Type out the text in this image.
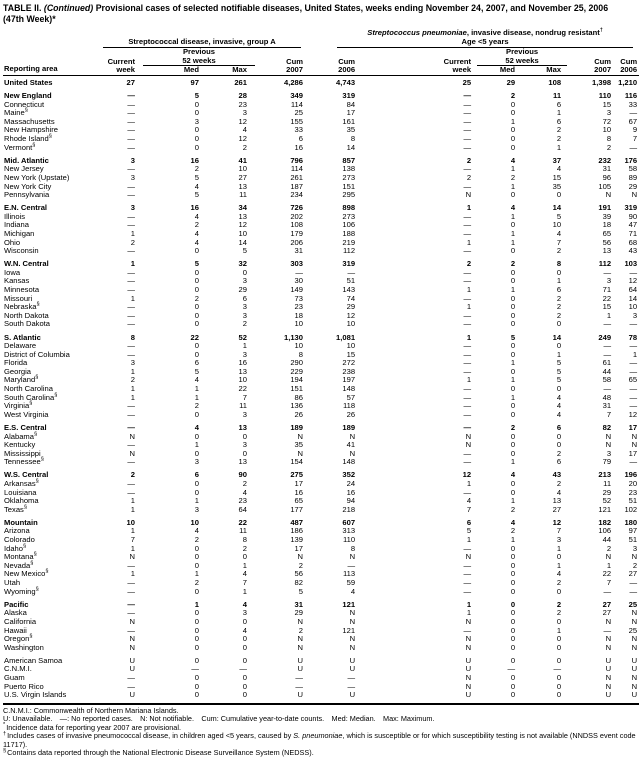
TABLE II. (Continued) Provisional cases of selected notifiable diseases, United States, weeks ending November 24, 2007, and November 25, 2006
(47th Week)*
Reporting area	Streptococcal disease, invasive, group A					Streptococcus pneumoniae, invasive disease, nondrug resistant†
Age <5 years					

Current
week

Previous
52 weeks	Cum
2007

Cum
2006

Current
week

Previous
52 weeks	Cum
2007

Cum
2006

		Med	Max					Med	Max		

United States	27	97	261	4,286	4,743		25	29	108	1,398	1,210
New England	—	5	28	349	319		—	2	11	110	116
Connecticut	—	0	23	114	84		—	0	6	15	33
Maine§	—	0	3	25	17		—	0	1	3	—
Massachusetts	—	3	12	155	161		—	1	6	72	67
New Hampshire	—	0	4	33	35		—	0	2	10	9
Rhode Island§	—	0	12	6	8		—	0	2	8	7
Vermont§	—	0	2	16	14		—	0	1	2	—
Mid. Atlantic	3	16	41	796	857		2	4	37	232	176
New Jersey	—	2	10	114	138		—	1	4	31	58
New York (Upstate)	3	5	27	261	273		2	2	15	96	89
New York City	—	4	13	187	151		—	1	35	105	29
Pennsylvania	—	5	11	234	295		N	0	0	N	N
E.N. Central	3	16	34	726	898		1	4	14	191	319
Illinois	—	4	13	202	273		—	1	5	39	90
Indiana	—	2	12	108	106		—	0	10	18	47
Michigan	1	4	10	179	188		—	1	4	65	71
Ohio	2	4	14	206	219		1	1	7	56	68
Wisconsin	—	0	5	31	112		—	0	2	13	43
W.N. Central	1	5	32	303	319		2	2	8	112	103
Iowa	—	0	0	—	—		—	0	0	—	—
Kansas	—	0	3	30	51		—	0	1	3	12
Minnesota	—	0	29	149	143		1	1	6	71	64
Missouri	1	2	6	73	74		—	0	2	22	14
Nebraska§	—	0	3	23	29		1	0	2	15	10
North Dakota	—	0	3	18	12		—	0	2	1	3
South Dakota	—	0	2	10	10		—	0	0	—	—
S. Atlantic	8	22	52	1,130	1,081		1	5	14	249	78
Delaware	—	0	1	10	10		—	0	0	—	—
District of Columbia	—	0	3	8	15		—	0	1	—	1
Florida	3	6	16	290	272		—	1	5	61	—
Georgia	1	5	13	229	238		—	0	5	44	—
Maryland§	2	4	10	194	197		1	1	5	58	65
North Carolina	1	1	22	151	148		—	0	0	—	—
South Carolina§	1	1	7	86	57		—	1	4	48	—
Virginia§	—	2	11	136	118		—	0	4	31	—
West Virginia	—	0	3	26	26		—	0	4	7	12
E.S. Central	—	4	13	189	189		—	2	6	82	17
Alabama§	N	0	0	N	N		N	0	0	N	N
Kentucky	—	1	3	35	41		N	0	0	N	N
Mississippi	N	0	0	N	N		—	0	2	3	17
Tennessee§	—	3	13	154	148		—	1	6	79	—
W.S. Central	2	6	90	275	352		12	4	43	213	196
Arkansas§	—	0	2	17	24		1	0	2	11	20
Louisiana	—	0	4	16	16		—	0	4	29	23
Oklahoma	1	1	23	65	94		4	1	13	52	51
Texas§	1	3	64	177	218		7	2	27	121	102
Mountain	10	10	22	487	607		6	4	12	182	180
Arizona	1	4	11	186	313		5	2	7	106	97
Colorado	7	2	8	139	110		1	1	3	44	51
Idaho§	1	0	2	17	8		—	0	1	2	3
Montana§	N	0	0	N	N		N	0	0	N	N
Nevada§	—	0	1	2	—		—	0	1	1	2
New Mexico§	1	1	4	56	113		—	0	4	22	27
Utah	—	2	7	82	59		—	0	2	7	—
Wyoming§	—	0	1	5	4		—	0	0	—	—
Pacific	—	1	4	31	121		1	0	2	27	25
Alaska	—	0	3	29	N		1	0	2	27	N
California	N	0	0	N	N		N	0	0	N	N
Hawaii	—	0	4	2	121		—	0	1	—	25
Oregon§	N	0	0	N	N		N	0	0	N	N
Washington	N	0	0	N	N		N	0	0	N	N
American Samoa	U	0	0	U	U		U	0	0	U	U
C.N.M.I.	U	—	—	U	U		U	—	—	U	U
Guam	—	0	0	—	—		N	0	0	N	N
Puerto Rico	—	0	0	—	—		N	0	0	N	N
U.S. Virgin Islands	U	0	0	U	U		U	0	0	U	U
C.N.M.I.: Commonwealth of Northern Mariana Islands.
U: Unavailable. —: No reported cases. N: Not notifiable. Cum: Cumulative year-to-date counts. Med: Median. Max: Maximum.
*Incidence data for reporting year 2007 are provisional.
†Includes cases of invasive pneumococcal disease, in children aged <5 years, caused by S. pneumoniae, which is susceptible or for which susceptibility testing is not available (NNDSS event code 11717).
§Contains data reported through the National Electronic Disease Surveillance System (NEDSS).
